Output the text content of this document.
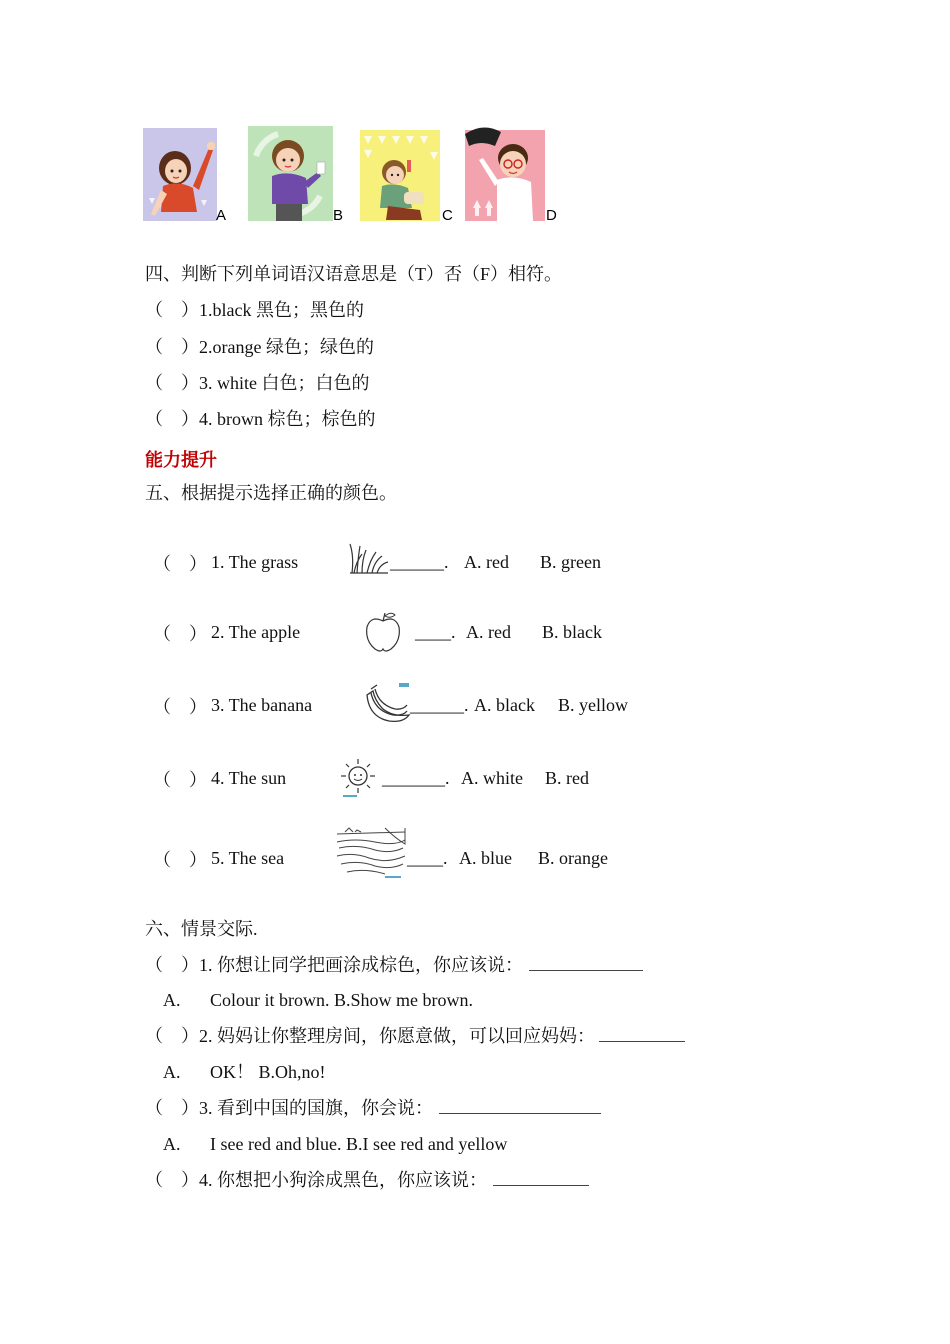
A	B	C	D
四、判断下列单词语汉语意思是（T）否（F）相符。
（　）1.black 黑色；黑色的
（　）2.orange 绿色；绿色的
（　）3. white 白色；白色的
（　）4. brown 棕色；棕色的
能力提升
五、根据提示选择正确的颜色。
（　） 1. The grass	______. A. red B. green
（　） 2. The apple	____. A. red B. black
（　） 3. The banana	______. A. black B. yellow
（　） 4. The sun	_______. A. white B. red
（　） 5. The sea	____. A. blue B. orange
六、情景交际.
（　）1. 你想让同学把画涂成棕色，你应该说：
A. Colour it brown. B.Show me brown.
（　）2. 妈妈让你整理房间，你愿意做，可以回应妈妈：
A. OK！ B.Oh,no!
（　）3. 看到中国的国旗，你会说：
A. I see red and blue. B.I see red and yellow
（　）4. 你想把小狗涂成黑色，你应该说：
